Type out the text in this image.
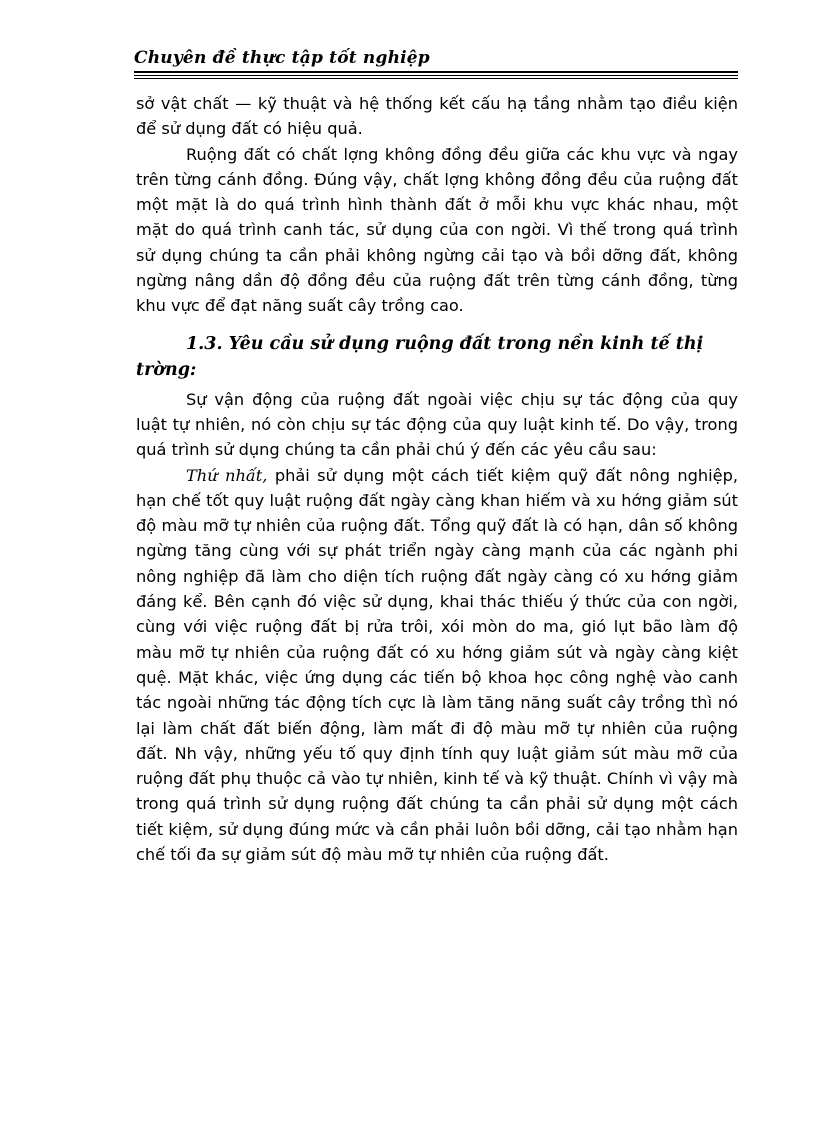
Chuyên đề thực tập tốt nghiệp

sở vật chất — kỹ thuật và hệ thống kết cấu hạ tầng nhằm tạo điều kiện để sử dụng đất có hiệu quả.

Ruộng đất có chất lợng không đồng đều giữa các khu vực và ngay trên từng cánh đồng. Đúng vậy, chất lợng không đồng đều của ruộng đất một mặt là do quá trình hình thành đất ở mỗi khu vực khác nhau, một mặt do quá trình canh tác, sử dụng của con ngời. Vì thế trong quá trình sử dụng chúng ta cần phải không ngừng cải tạo và bồi dỡng đất, không ngừng nâng dần độ đồng đều của ruộng đất trên từng cánh đồng, từng khu vực để đạt năng suất cây trồng cao.

1.3. Yêu cầu sử dụng ruộng đất trong nền kinh tế thị trờng:

Sự vận động của ruộng đất ngoài việc chịu sự tác động của quy luật tự nhiên, nó còn chịu sự tác động của quy luật kinh tế. Do vậy, trong quá trình sử dụng chúng ta cần phải chú ý đến các yêu cầu sau:

Thứ nhất, phải sử dụng một cách tiết kiệm quỹ đất nông nghiệp, hạn chế tốt quy luật ruộng đất ngày càng khan hiếm và xu hớng giảm sút độ màu mỡ tự nhiên của ruộng đất. Tổng quỹ đất là có hạn, dân số không ngừng tăng cùng với sự phát triển ngày càng mạnh của các ngành phi nông nghiệp đã làm cho diện tích ruộng đất ngày càng có xu hớng giảm đáng kể. Bên cạnh đó việc sử dụng, khai thác thiếu ý thức của con ngời, cùng với việc ruộng đất bị rửa trôi, xói mòn do ma, gió lụt bão làm độ màu mỡ tự nhiên của ruộng đất có xu hớng giảm sút và ngày càng kiệt quệ. Mặt khác, việc ứng dụng các tiến bộ khoa học công nghệ vào canh tác ngoài những tác động tích cực là làm tăng năng suất cây trồng thì nó lại làm chất đất biến động, làm mất đi độ màu mỡ tự nhiên của ruộng đất. Nh vậy, những yếu tố quy định tính quy luật giảm sút màu mỡ của ruộng đất phụ thuộc cả vào tự nhiên, kinh tế và kỹ thuật. Chính vì vậy mà trong quá trình sử dụng ruộng đất chúng ta cần phải sử dụng một cách tiết kiệm, sử dụng đúng mức và cần phải luôn bồi dỡng, cải tạo nhằm hạn chế tối đa sự giảm sút độ màu mỡ tự nhiên của ruộng đất.
